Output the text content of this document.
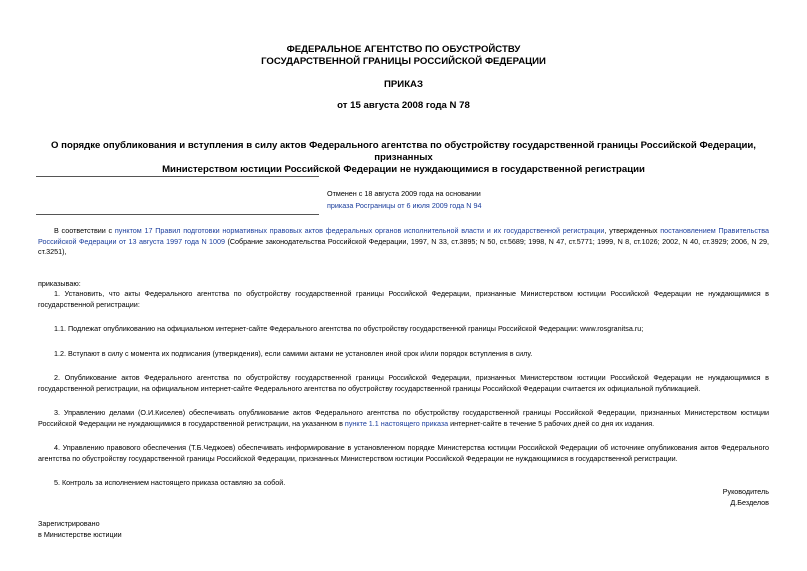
ФЕДЕРАЛЬНОЕ АГЕНТСТВО ПО ОБУСТРОЙСТВУ
ГОСУДАРСТВЕННОЙ ГРАНИЦЫ РОССИЙСКОЙ ФЕДЕРАЦИИ
ПРИКАЗ
от 15 августа 2008 года N 78
О порядке опубликования и вступления в силу актов Федерального агентства по обустройству государственной границы Российской Федерации, признанных
Министерством юстиции Российской Федерации не нуждающимися в государственной регистрации
Отменен с 18 августа 2009 года на основании
приказа Росграницы от 6 июля 2009 года N 94

В соответствии с пунктом 17 Правил подготовки нормативных правовых актов федеральных органов исполнительной власти и их государственной регистрации, утвержденных постановлением Правительства Российской Федерации от 13 августа 1997 года N 1009 (Собрание законодательства Российской Федерации, 1997, N 33, ст.3895; N 50, ст.5689; 1998, N 47, ст.5771; 1999, N 8, ст.1026; 2002, N 40, ст.3929; 2006, N 29, ст.3251),

приказываю:

1. Установить, что акты Федерального агентства по обустройству государственной границы Российской Федерации, признанные Министерством юстиции Российской Федерации не нуждающимися в государственной регистрации:

1.1. Подлежат опубликованию на официальном интернет-сайте Федерального агентства по обустройству государственной границы Российской Федерации: www.rosgranitsa.ru;

1.2. Вступают в силу с момента их подписания (утверждения), если самими актами не установлен иной срок и/или порядок вступления в силу.

2. Опубликование актов Федерального агентства по обустройству государственной границы Российской Федерации, признанных Министерством юстиции Российской Федерации не нуждающимися в государственной регистрации, на официальном интернет-сайте Федерального агентства по обустройству государственной границы Российской Федерации считается их официальной публикацией.

3. Управлению делами (О.И.Киселев) обеспечивать опубликование актов Федерального агентства по обустройству государственной границы Российской Федерации, признанных Министерством юстиции Российской Федерации не нуждающимися в государственной регистрации, на указанном в пункте 1.1 настоящего приказа интернет-сайте в течение 5 рабочих дней со дня их издания.

4. Управлению правового обеспечения (Т.Б.Чеджоев) обеспечивать информирование в установленном порядке Министерства юстиции Российской Федерации об источнике опубликования актов Федерального агентства по обустройству государственной границы Российской Федерации, признанных Министерством юстиции Российской Федерации не нуждающимися в государственной регистрации.

5. Контроль за исполнением настоящего приказа оставляю за собой.

Руководитель
Д.Безделов
Зарегистрировано
в Министерстве юстиции
